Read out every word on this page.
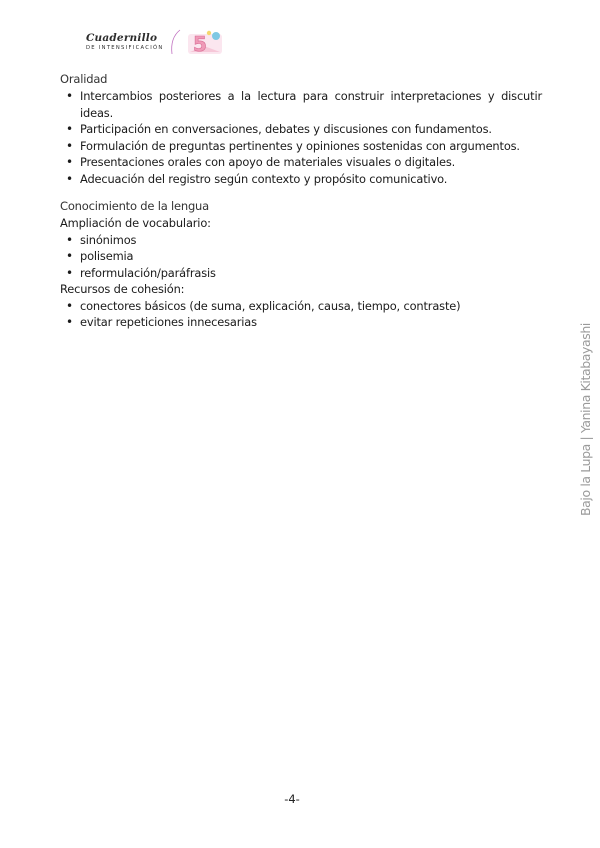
Cuadernillo
DE INTENSIFICACIÓN 5
Oralidad
• Intercambios posteriores a la lectura para construir interpretaciones y discutir ideas.
• Participación en conversaciones, debates y discusiones con fundamentos.
• Formulación de preguntas pertinentes y opiniones sostenidas con argumentos.
• Presentaciones orales con apoyo de materiales visuales o digitales.
• Adecuación del registro según contexto y propósito comunicativo.
Conocimiento de la lengua
Ampliación de vocabulario:
• sinónimos
• polisemia
• reformulación/paráfrasis
Recursos de cohesión:
• conectores básicos (de suma, explicación, causa, tiempo, contraste)
• evitar repeticiones innecesarias
Bajo la Lupa | Yanina Kitabayashi
-4-
